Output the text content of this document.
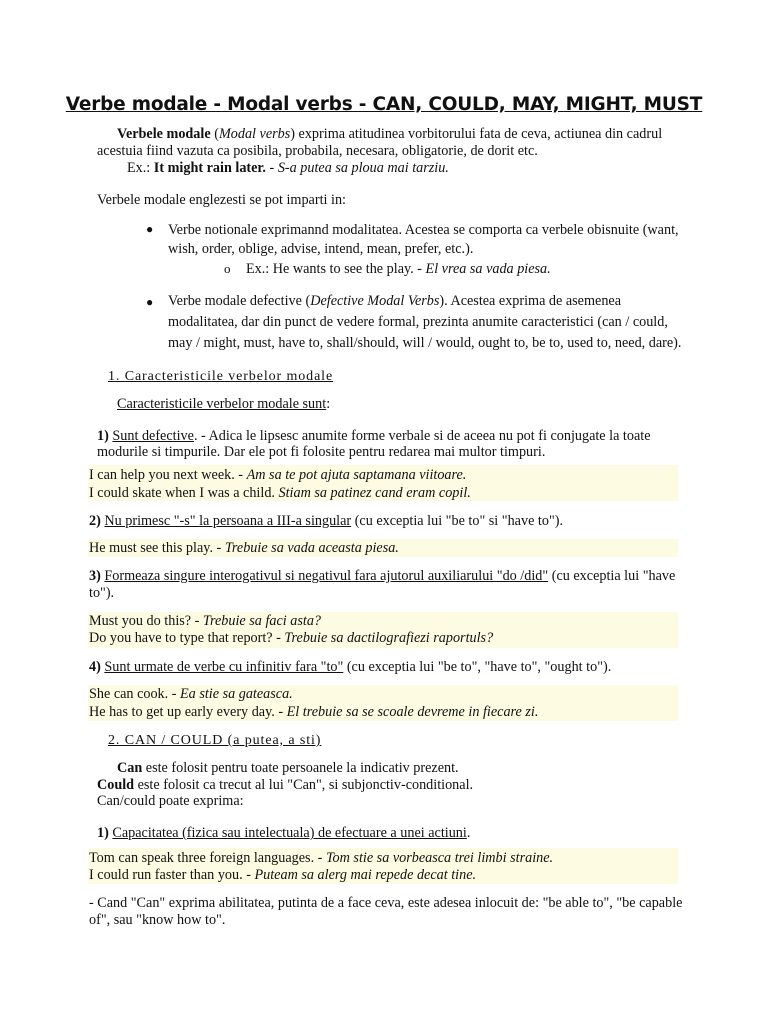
Verbe modale - Modal verbs - CAN, COULD, MAY, MIGHT, MUST
Verbele modale (Modal verbs) exprima atitudinea vorbitorului fata de ceva, actiunea din cadrul
acestuia fiind vazuta ca posibila, probabila, necesara, obligatorie, de dorit etc.
Ex.: It might rain later. - S-a putea sa ploua mai tarziu.
Verbele modale englezesti se pot imparti in:
● Verbe notionale exprimannd modalitatea. Acestea se comporta ca verbele obisnuite (want,
wish, order, oblige, advise, intend, mean, prefer, etc.).
o Ex.: He wants to see the play. - El vrea sa vada piesa.
● Verbe modale defective (Defective Modal Verbs). Acestea exprima de asemenea
modalitatea, dar din punct de vedere formal, prezinta anumite caracteristici (can / could,
may / might, must, have to, shall/should, will / would, ought to, be to, used to, need, dare).
1. Caracteristicile verbelor modale
Caracteristicile verbelor modale sunt:
1) Sunt defective. - Adica le lipsesc anumite forme verbale si de aceea nu pot fi conjugate la toate
modurile si timpurile. Dar ele pot fi folosite pentru redarea mai multor timpuri.
I can help you next week. - Am sa te pot ajuta saptamana viitoare.
I could skate when I was a child. Stiam sa patinez cand eram copil.
2) Nu primesc "-s" la persoana a III-a singular (cu exceptia lui "be to" si "have to").
He must see this play. - Trebuie sa vada aceasta piesa.
3) Formeaza singure interogativul si negativul fara ajutorul auxiliarului "do /did" (cu exceptia lui "have
to").
Must you do this? - Trebuie sa faci asta?
Do you have to type that report? - Trebuie sa dactilografiezi raportuls?
4) Sunt urmate de verbe cu infinitiv fara "to" (cu exceptia lui "be to", "have to", "ought to").
She can cook. - Ea stie sa gateasca.
He has to get up early every day. - El trebuie sa se scoale devreme in fiecare zi.
2. CAN / COULD (a putea, a sti)
Can este folosit pentru toate persoanele la indicativ prezent.
Could este folosit ca trecut al lui "Can", si subjonctiv-conditional.
Can/could poate exprima:
1) Capacitatea (fizica sau intelectuala) de efectuare a unei actiuni.
Tom can speak three foreign languages. - Tom stie sa vorbeasca trei limbi straine.
I could run faster than you. - Puteam sa alerg mai repede decat tine.
- Cand "Can" exprima abilitatea, putinta de a face ceva, este adesea inlocuit de: "be able to", "be capable
of", sau "know how to".
